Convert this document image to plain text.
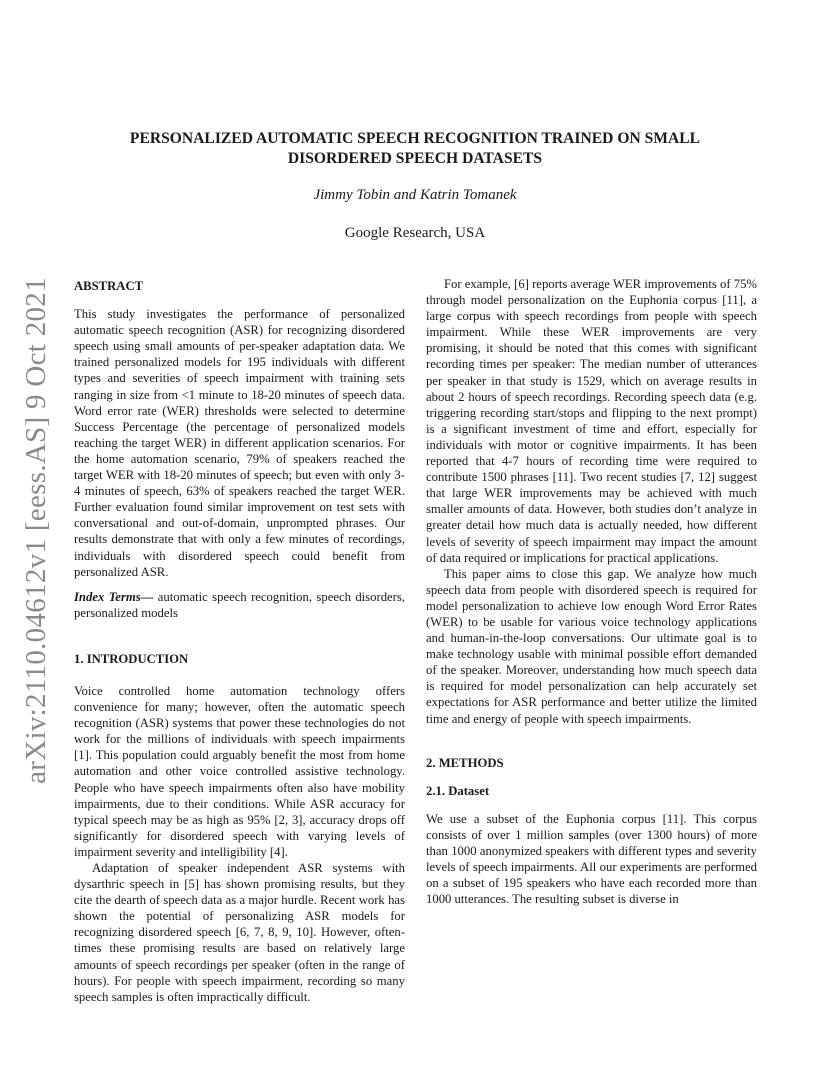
arXiv:2110.04612v1 [eess.AS] 9 Oct 2021
PERSONALIZED AUTOMATIC SPEECH RECOGNITION TRAINED ON SMALL
DISORDERED SPEECH DATASETS
Jimmy Tobin and Katrin Tomanek
Google Research, USA

ABSTRACT

This study investigates the performance of personalized automatic speech recognition (ASR) for recognizing disordered speech using small amounts of per-speaker adaptation data. We trained personalized models for 195 individuals with different types and severities of speech impairment with training sets ranging in size from <1 minute to 18-20 minutes of speech data. Word error rate (WER) thresholds were selected to determine Success Percentage (the percentage of personalized models reaching the target WER) in different application scenarios. For the home automation scenario, 79% of speakers reached the target WER with 18-20 minutes of speech; but even with only 3-4 minutes of speech, 63% of speakers reached the target WER. Further evaluation found similar improvement on test sets with conversational and out-of-domain, unprompted phrases. Our results demonstrate that with only a few minutes of recordings, individuals with disordered speech could benefit from personalized ASR.

Index Terms— automatic speech recognition, speech disorders, personalized models

1. INTRODUCTION

Voice controlled home automation technology offers convenience for many; however, often the automatic speech recognition (ASR) systems that power these technologies do not work for the millions of individuals with speech impairments [1]. This population could arguably benefit the most from home automation and other voice controlled assistive technology. People who have speech impairments often also have mobility impairments, due to their conditions. While ASR accuracy for typical speech may be as high as 95% [2, 3], accuracy drops off significantly for disordered speech with varying levels of impairment severity and intelligibility [4].

Adaptation of speaker independent ASR systems with dysarthric speech in [5] has shown promising results, but they cite the dearth of speech data as a major hurdle. Recent work has shown the potential of personalizing ASR models for recognizing disordered speech [6, 7, 8, 9, 10]. However, often-times these promising results are based on relatively large amounts of speech recordings per speaker (often in the range of hours). For people with speech impairment, recording so many speech samples is often impractically difficult.

For example, [6] reports average WER improvements of 75% through model personalization on the Euphonia corpus [11], a large corpus with speech recordings from people with speech impairment. While these WER improvements are very promising, it should be noted that this comes with significant recording times per speaker: The median number of utterances per speaker in that study is 1529, which on average results in about 2 hours of speech recordings. Recording speech data (e.g. triggering recording start/stops and flipping to the next prompt) is a significant investment of time and effort, especially for individuals with motor or cognitive impairments. It has been reported that 4-7 hours of recording time were required to contribute 1500 phrases [11]. Two recent studies [7, 12] suggest that large WER improvements may be achieved with much smaller amounts of data. However, both studies don’t analyze in greater detail how much data is actually needed, how different levels of severity of speech impairment may impact the amount of data required or implications for practical applications.

This paper aims to close this gap. We analyze how much speech data from people with disordered speech is required for model personalization to achieve low enough Word Error Rates (WER) to be usable for various voice technology applications and human-in-the-loop conversations. Our ultimate goal is to make technology usable with minimal possible effort demanded of the speaker. Moreover, understanding how much speech data is required for model personalization can help accurately set expectations for ASR performance and better utilize the limited time and energy of people with speech impairments.

2. METHODS

2.1. Dataset

We use a subset of the Euphonia corpus [11]. This corpus consists of over 1 million samples (over 1300 hours) of more than 1000 anonymized speakers with different types and severity levels of speech impairments. All our experiments are performed on a subset of 195 speakers who have each recorded more than 1000 utterances. The resulting subset is diverse in
